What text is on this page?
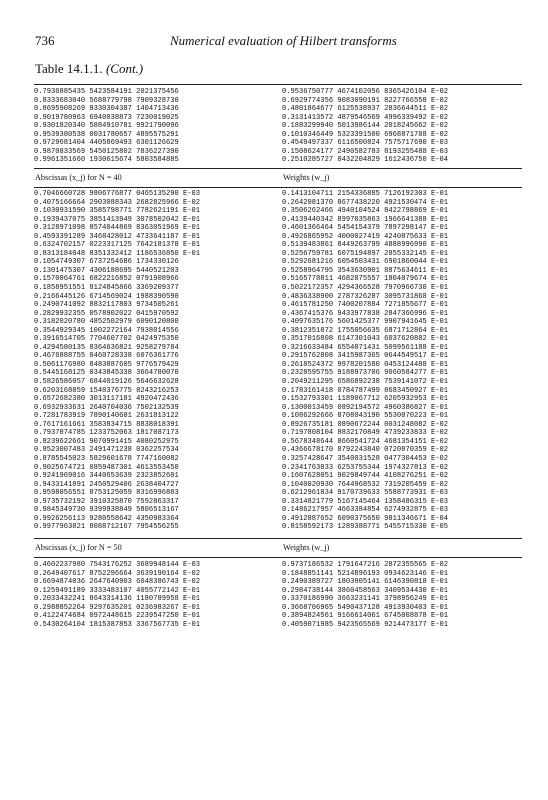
736	Numerical evaluation of Hilbert transforms
Table 14.1.1. (Cont.)
0.7936885435 5423584191 2021375456	0.9536750777 4674102056 8365426104 E-02
0.8333683040 5688779798 7909328730	0.6929774356 9083090191 8227766558 E-02
0.8695908269 8330304387 1404713436	0.4801864677 6125538937 2836644511 E-02
0.9019780963 6940038873 7230019025	0.3131413572 4879546569 4996339492 E-02
0.9301820340 5884910781 9921790096	0.1883299940 5013986144 2018245662 E-02
0.9539380538 0031780657 4895575291	0.1010346449 5323391500 6968871788 E-02
0.9729681404 4405869493 6301126629	0.4549497337 6116500824 7575717690 E-03
0.9870833569 5450125802 7836227390	0.1508624177 2490582783 8193255488 E-03
0.9961351660 1930615674 5803584885	0.2510285727 0432204829 1612436750 E-04
Abscissas (x_j) for N = 40	Weights (w_j)
0.7046660728 9806776877 0465135290 E-03	0.1413104711 2154336885 7126192303 E-01
0.4075166664 2903088343 2682825966 E-02	0.2642081370 8677438220 4921530474 E-01
0.1030931590 3585798771 7782621191 E-01	0.3506262466 4940104524 8422798869 E-01
0.1939437075 3851413949 3078502042 E-01	0.4139440342 8997035863 1966641388 E-01
0.3128971098 8574044869 8363051969 E-01	0.4601366464 5454154379 7897298147 E-01
0.4593391289 3468428012 4733641187 E-01	0.4926865952 4000027419 4240875633 E-01
0.6324702157 0223317125 7642181378 E-01	0.5139483861 8449263799 4888996990 E-01
0.8313184048 8351332412 1186536850 E-01	0.5256759781 6075194897 2855332145 E-01
0.1054749307 6737254686 1734330126	0.5292681216 6054503431 6901860044 E-01
0.1301475307 4306188695 5440521203	0.5258964795 3543630901 8875634611 E-01
0.1570064761 6822216852 0791908966	0.5165778811 4682875557 1804079674 E-01
0.1858951551 8124845866 3369209377	0.5022172357 4294366528 7970966730 E-01
0.2166445126 6714569024 1988390590	0.4836338900 2787326287 3095731868 E-01
0.2490741092 8832117803 9734505261	0.4615781250 7400207884 7271855677 E-01
0.2829932355 0578902022 0415970592	0.4367415376 9433977838 2847366996 E-01
0.3182020780 4852502979 6090120800	0.4097635176 5601425377 9907941645 E-01
0.3544929345 1002272164 7938014556	0.3812351872 1755056635 6871712864 E-01
0.3916514705 7704607702 0424975350	0.3517016808 6147301043 6037620882 E-01
0.4294580135 8364636821 9258279784	0.3216633484 6554071431 5099561188 E-01
0.4676888755 0460728338 6076361776	0.2915762808 3415987365 0644549517 E-01
0.5061176980 8483887605 9776579429	0.2618524372 9978201580 0453124488 E-01
0.5445168125 0343845338 3664780070	0.2328595755 9188973706 9060584277 E-01
0.5826586057 6844019126 5646632628	0.2049211295 6586892238 7539141072 E-01
0.6203168859 1540376775 8243216253	0.1783161418 0784787499 8683450927 E-01
0.6572682380 3013117181 4920472436	0.1532793301 1189067712 6205932953 E-01
0.6932933631 2640704036 7502132539	0.1300013459 0892194572 4960386827 E-01
0.7281783919 7890140601 2631813122	0.1086292666 8708043190 5530070223 E-01
0.7617161661 3583834715 8838018391	0.8926735181 0890672244 0031248082 E-02
0.7937074785 1233752063 1817087173	0.7197808104 8832170849 4739233833 E-02
0.8239622661 9070991415 4080252975	0.5678348644 8660541724 4681354151 E-02
0.8523007483 2491471238 0362257534	0.4366678170 8792243840 0720870359 E-02
0.8785545023 5829601678 7747160082	0.3257428647 3540031528 0477304453 E-02
0.9025674721 0859487301 4613553450	0.2341763833 6253755344 1974327813 E-02
0.9241969016 3440653639 2323852601	0.1607628051 9029849744 4108276251 E-02
0.9433141891 2450529406 2638404727	0.1040020930 7644968532 7319205459 E-02
0.9598056551 8753125059 8316996883	0.6212961834 9170739633 5588773931 E-03
0.9735732192 3910325870 7592863317	0.3314821779 5167145464 1358486315 E-03
0.9845349730 9399938849 5806513167	0.1486217957 4663384854 6274932875 E-03
0.9926256113 9280558642 4350983364	0.4912887652 6090375650 9811346671 E-04
0.9977963821 8088712167 7954556255	0.8158592173 1289388771 5455715330 E-05
Abscissas (x_j) for N = 50	Weights (w_j)
0.4602237980 7543176252 3689948144 E-03	0.9737186532 1791647216 2872355565 E-02
0.2649407617 8752296664 3639190164 E-02	0.1848851141 5214896193 0934623146 E-01
0.6694874036 2647640903 6048386743 E-02	0.2490389727 1803905141 6146390818 E-01
0.1259491189 3333483107 4055772142 E-01	0.2984738144 3860458563 3409534430 E-01
0.2033432241 8643314136 1180789958 E-01	0.3370186990 3663231141 3798956249 E-01
0.2988852264 9297635201 0236983267 E-01	0.3668706965 5490437128 4913930403 E-01
0.4122474684 0972448615 2239547250 E-01	0.3894824561 9166614061 6745008878 E-01
0.5430264104 1815387853 3367567735 E-01	0.4059071985 9423565569 9214473177 E-01
